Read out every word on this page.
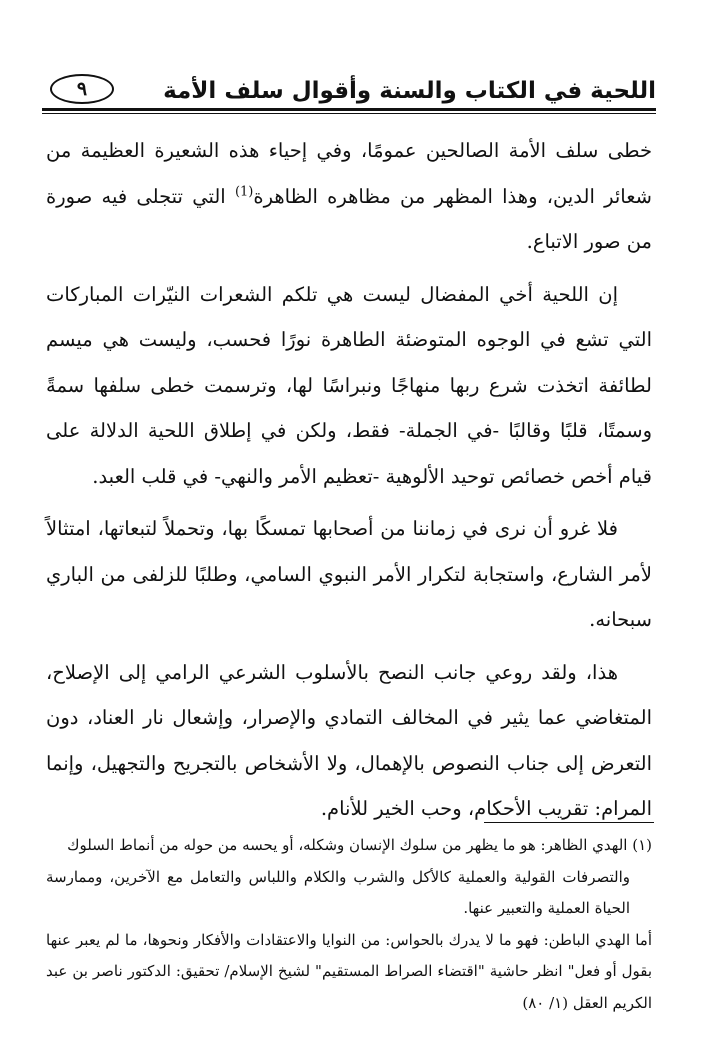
اللحية في الكتاب والسنة وأقوال سلف الأمة
٩

خطى سلف الأمة الصالحين عمومًا، وفي إحياء هذه الشعيرة العظيمة من شعائر الدين، وهذا المظهر من مظاهره الظاهرة$^{(1)}$ التي تتجلى فيه صورة من صور الاتباع.

إن اللحية أخي المفضال ليست هي تلكم الشعرات النيّرات المباركات التي تشع في الوجوه المتوضئة الطاهرة نورًا فحسب، وليست هي ميسم لطائفة اتخذت شرع ربها منهاجًا ونبراسًا لها، وترسمت خطى سلفها سمةً وسمتًا، قلبًا وقالبًا -في الجملة- فقط، ولكن في إطلاق اللحية الدلالة على قيام أخص خصائص توحيد الألوهية -تعظيم الأمر والنهي- في قلب العبد.

فلا غرو أن نرى في زماننا من أصحابها تمسكًا بها، وتحملاً لتبعاتها، امتثالاً لأمر الشارع، واستجابة لتكرار الأمر النبوي السامي، وطلبًا للزلفى من الباري سبحانه.

هذا، ولقد روعي جانب النصح بالأسلوب الشرعي الرامي إلى الإصلاح، المتغاضي عما يثير في المخالف التمادي والإصرار، وإشعال نار العناد، دون التعرض إلى جناب النصوص بالإهمال، ولا الأشخاص بالتجريح والتجهيل، وإنما المرام: تقريب الأحكام، وحب الخير للأنام.

(١) الهدي الظاهر: هو ما يظهر من سلوك الإنسان وشكله، أو يحسه من حوله من أنماط السلوك

والتصرفات القولية والعملية كالأكل والشرب والكلام واللباس والتعامل مع الآخرين، وممارسة الحياة العملية والتعبير عنها.

أما الهدي الباطن: فهو ما لا يدرك بالحواس: من النوايا والاعتقادات والأفكار ونحوها، ما لم يعبر عنها بقول أو فعل" انظر حاشية "اقتضاء الصراط المستقيم" لشيخ الإسلام/ تحقيق: الدكتور ناصر بن عبد الكريم العقل (١/ ٨٠)
